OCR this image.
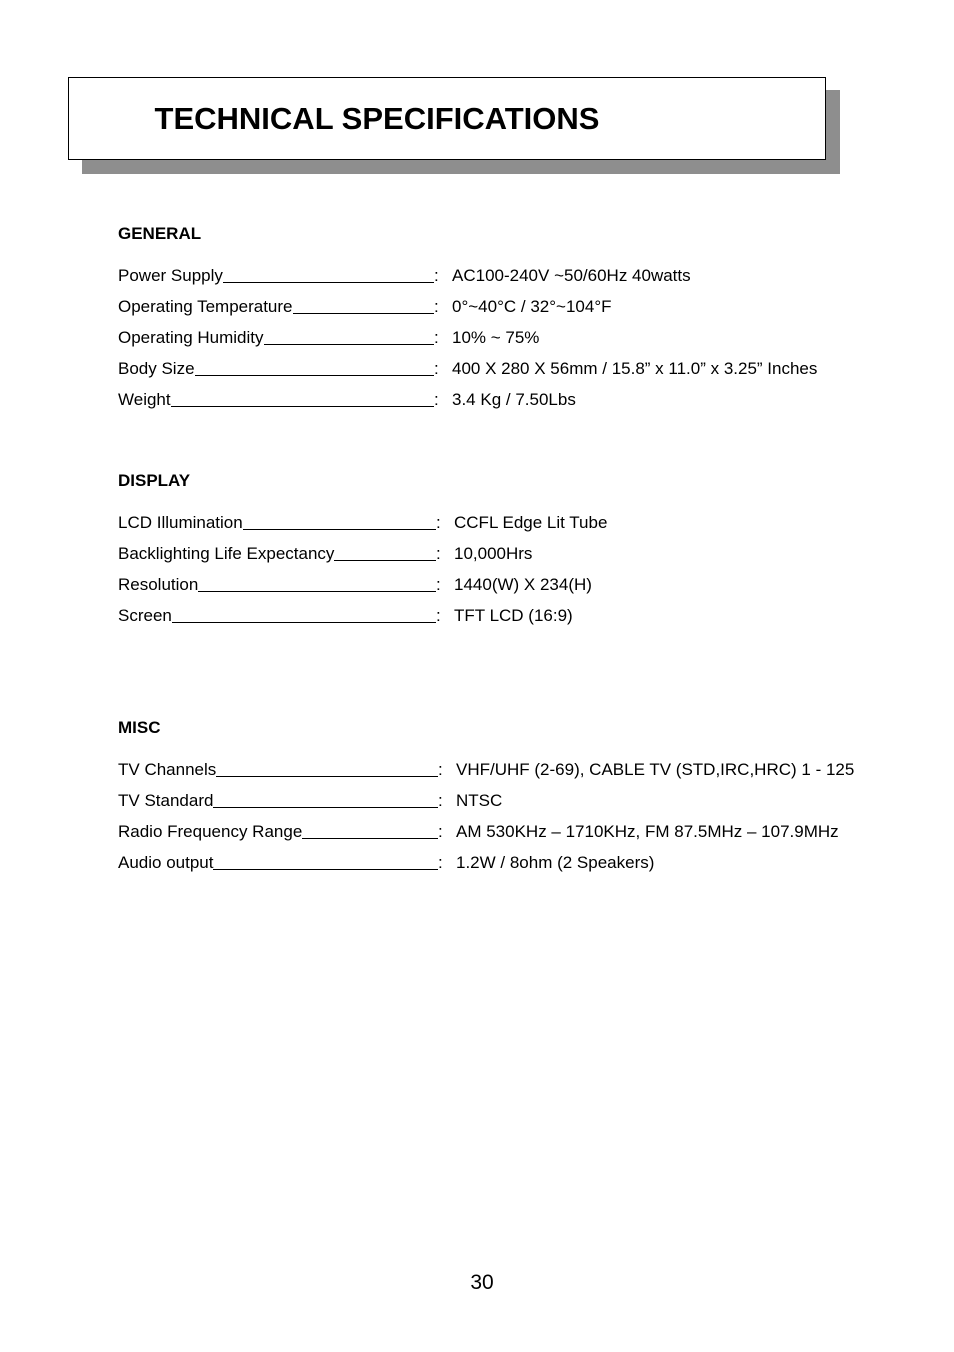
TECHNICAL SPECIFICATIONS
GENERAL
Power Supply	: AC100-240V ~50/60Hz 40watts
Operating Temperature	: 0°~40°C / 32°~104°F
Operating Humidity	: 10% ~ 75%
Body Size	: 400 X 280 X 56mm / 15.8” x 11.0” x 3.25” Inches
Weight	: 3.4 Kg / 7.50Lbs
DISPLAY
LCD Illumination	: CCFL Edge Lit Tube
Backlighting Life Expectancy	: 10,000Hrs
Resolution	: 1440(W) X 234(H)
Screen	: TFT LCD (16:9)
MISC
TV Channels	: VHF/UHF (2-69), CABLE TV (STD,IRC,HRC) 1 - 125
TV Standard	: NTSC
Radio Frequency Range	: AM 530KHz – 1710KHz, FM 87.5MHz – 107.9MHz
Audio output	: 1.2W / 8ohm (2 Speakers)
30
